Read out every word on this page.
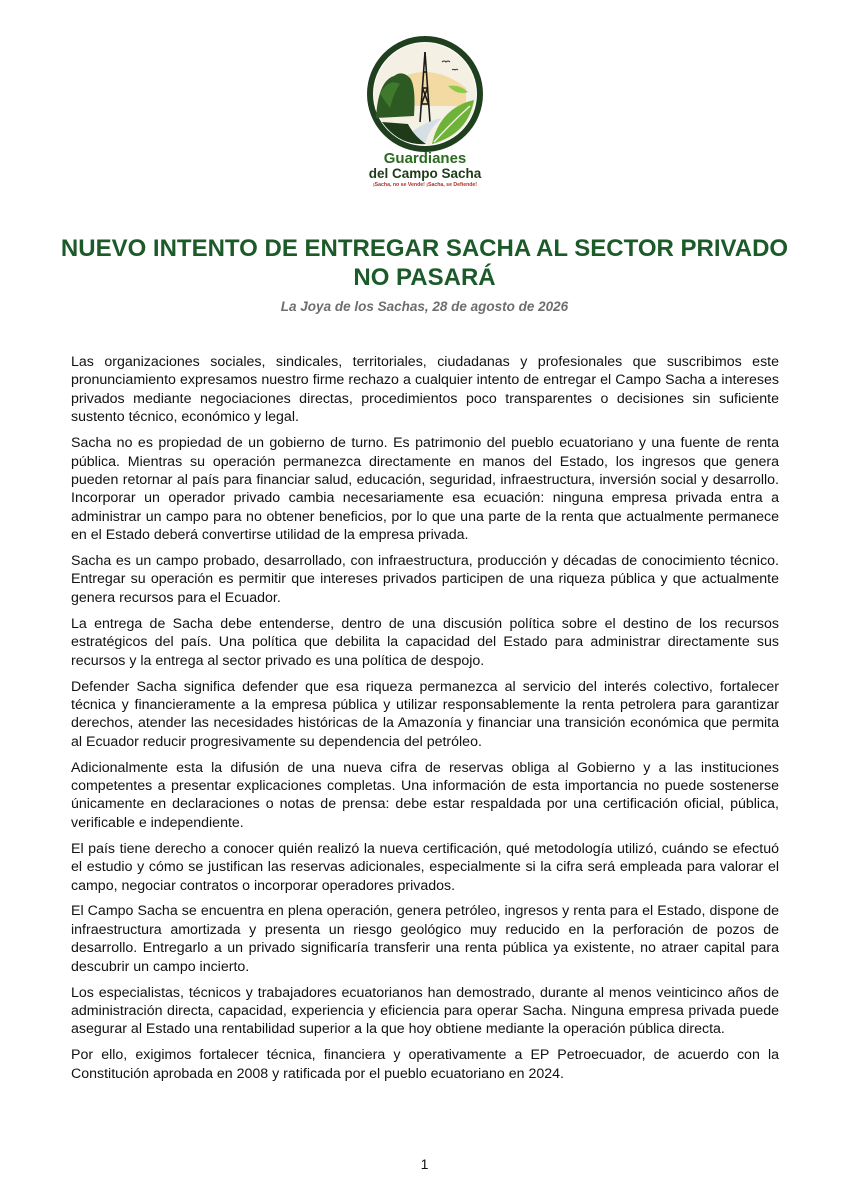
Guardianes
del Campo Sacha
¡Sacha, no se Vende! ¡Sacha, se Defiende!
NUEVO INTENTO DE ENTREGAR SACHA AL SECTOR PRIVADO NO PASARÁ

La Joya de los Sachas, 28 de agosto de 2026

Las organizaciones sociales, sindicales, territoriales, ciudadanas y profesionales que suscribimos este pronunciamiento expresamos nuestro firme rechazo a cualquier intento de entregar el Campo Sacha a intereses privados mediante negociaciones directas, procedimientos poco transparentes o decisiones sin suficiente sustento técnico, económico y legal.

Sacha no es propiedad de un gobierno de turno. Es patrimonio del pueblo ecuatoriano y una fuente de renta pública. Mientras su operación permanezca directamente en manos del Estado, los ingresos que genera pueden retornar al país para financiar salud, educación, seguridad, infraestructura, inversión social y desarrollo. Incorporar un operador privado cambia necesariamente esa ecuación: ninguna empresa privada entra a administrar un campo para no obtener beneficios, por lo que una parte de la renta que actualmente permanece en el Estado deberá convertirse utilidad de la empresa privada.

Sacha es un campo probado, desarrollado, con infraestructura, producción y décadas de conocimiento técnico. Entregar su operación es permitir que intereses privados participen de una riqueza pública y que actualmente genera recursos para el Ecuador.

La entrega de Sacha debe entenderse, dentro de una discusión política sobre el destino de los recursos estratégicos del país. Una política que debilita la capacidad del Estado para administrar directamente sus recursos y la entrega al sector privado es una política de despojo.

Defender Sacha significa defender que esa riqueza permanezca al servicio del interés colectivo, fortalecer técnica y financieramente a la empresa pública y utilizar responsablemente la renta petrolera para garantizar derechos, atender las necesidades históricas de la Amazonía y financiar una transición económica que permita al Ecuador reducir progresivamente su dependencia del petróleo.

Adicionalmente esta la difusión de una nueva cifra de reservas obliga al Gobierno y a las instituciones competentes a presentar explicaciones completas. Una información de esta importancia no puede sostenerse únicamente en declaraciones o notas de prensa: debe estar respaldada por una certificación oficial, pública, verificable e independiente.

El país tiene derecho a conocer quién realizó la nueva certificación, qué metodología utilizó, cuándo se efectuó el estudio y cómo se justifican las reservas adicionales, especialmente si la cifra será empleada para valorar el campo, negociar contratos o incorporar operadores privados.

El Campo Sacha se encuentra en plena operación, genera petróleo, ingresos y renta para el Estado, dispone de infraestructura amortizada y presenta un riesgo geológico muy reducido en la perforación de pozos de desarrollo. Entregarlo a un privado significaría transferir una renta pública ya existente, no atraer capital para descubrir un campo incierto.

Los especialistas, técnicos y trabajadores ecuatorianos han demostrado, durante al menos veinticinco años de administración directa, capacidad, experiencia y eficiencia para operar Sacha. Ninguna empresa privada puede asegurar al Estado una rentabilidad superior a la que hoy obtiene mediante la operación pública directa.

Por ello, exigimos fortalecer técnica, financiera y operativamente a EP Petroecuador, de acuerdo con la Constitución aprobada en 2008 y ratificada por el pueblo ecuatoriano en 2024.

1
